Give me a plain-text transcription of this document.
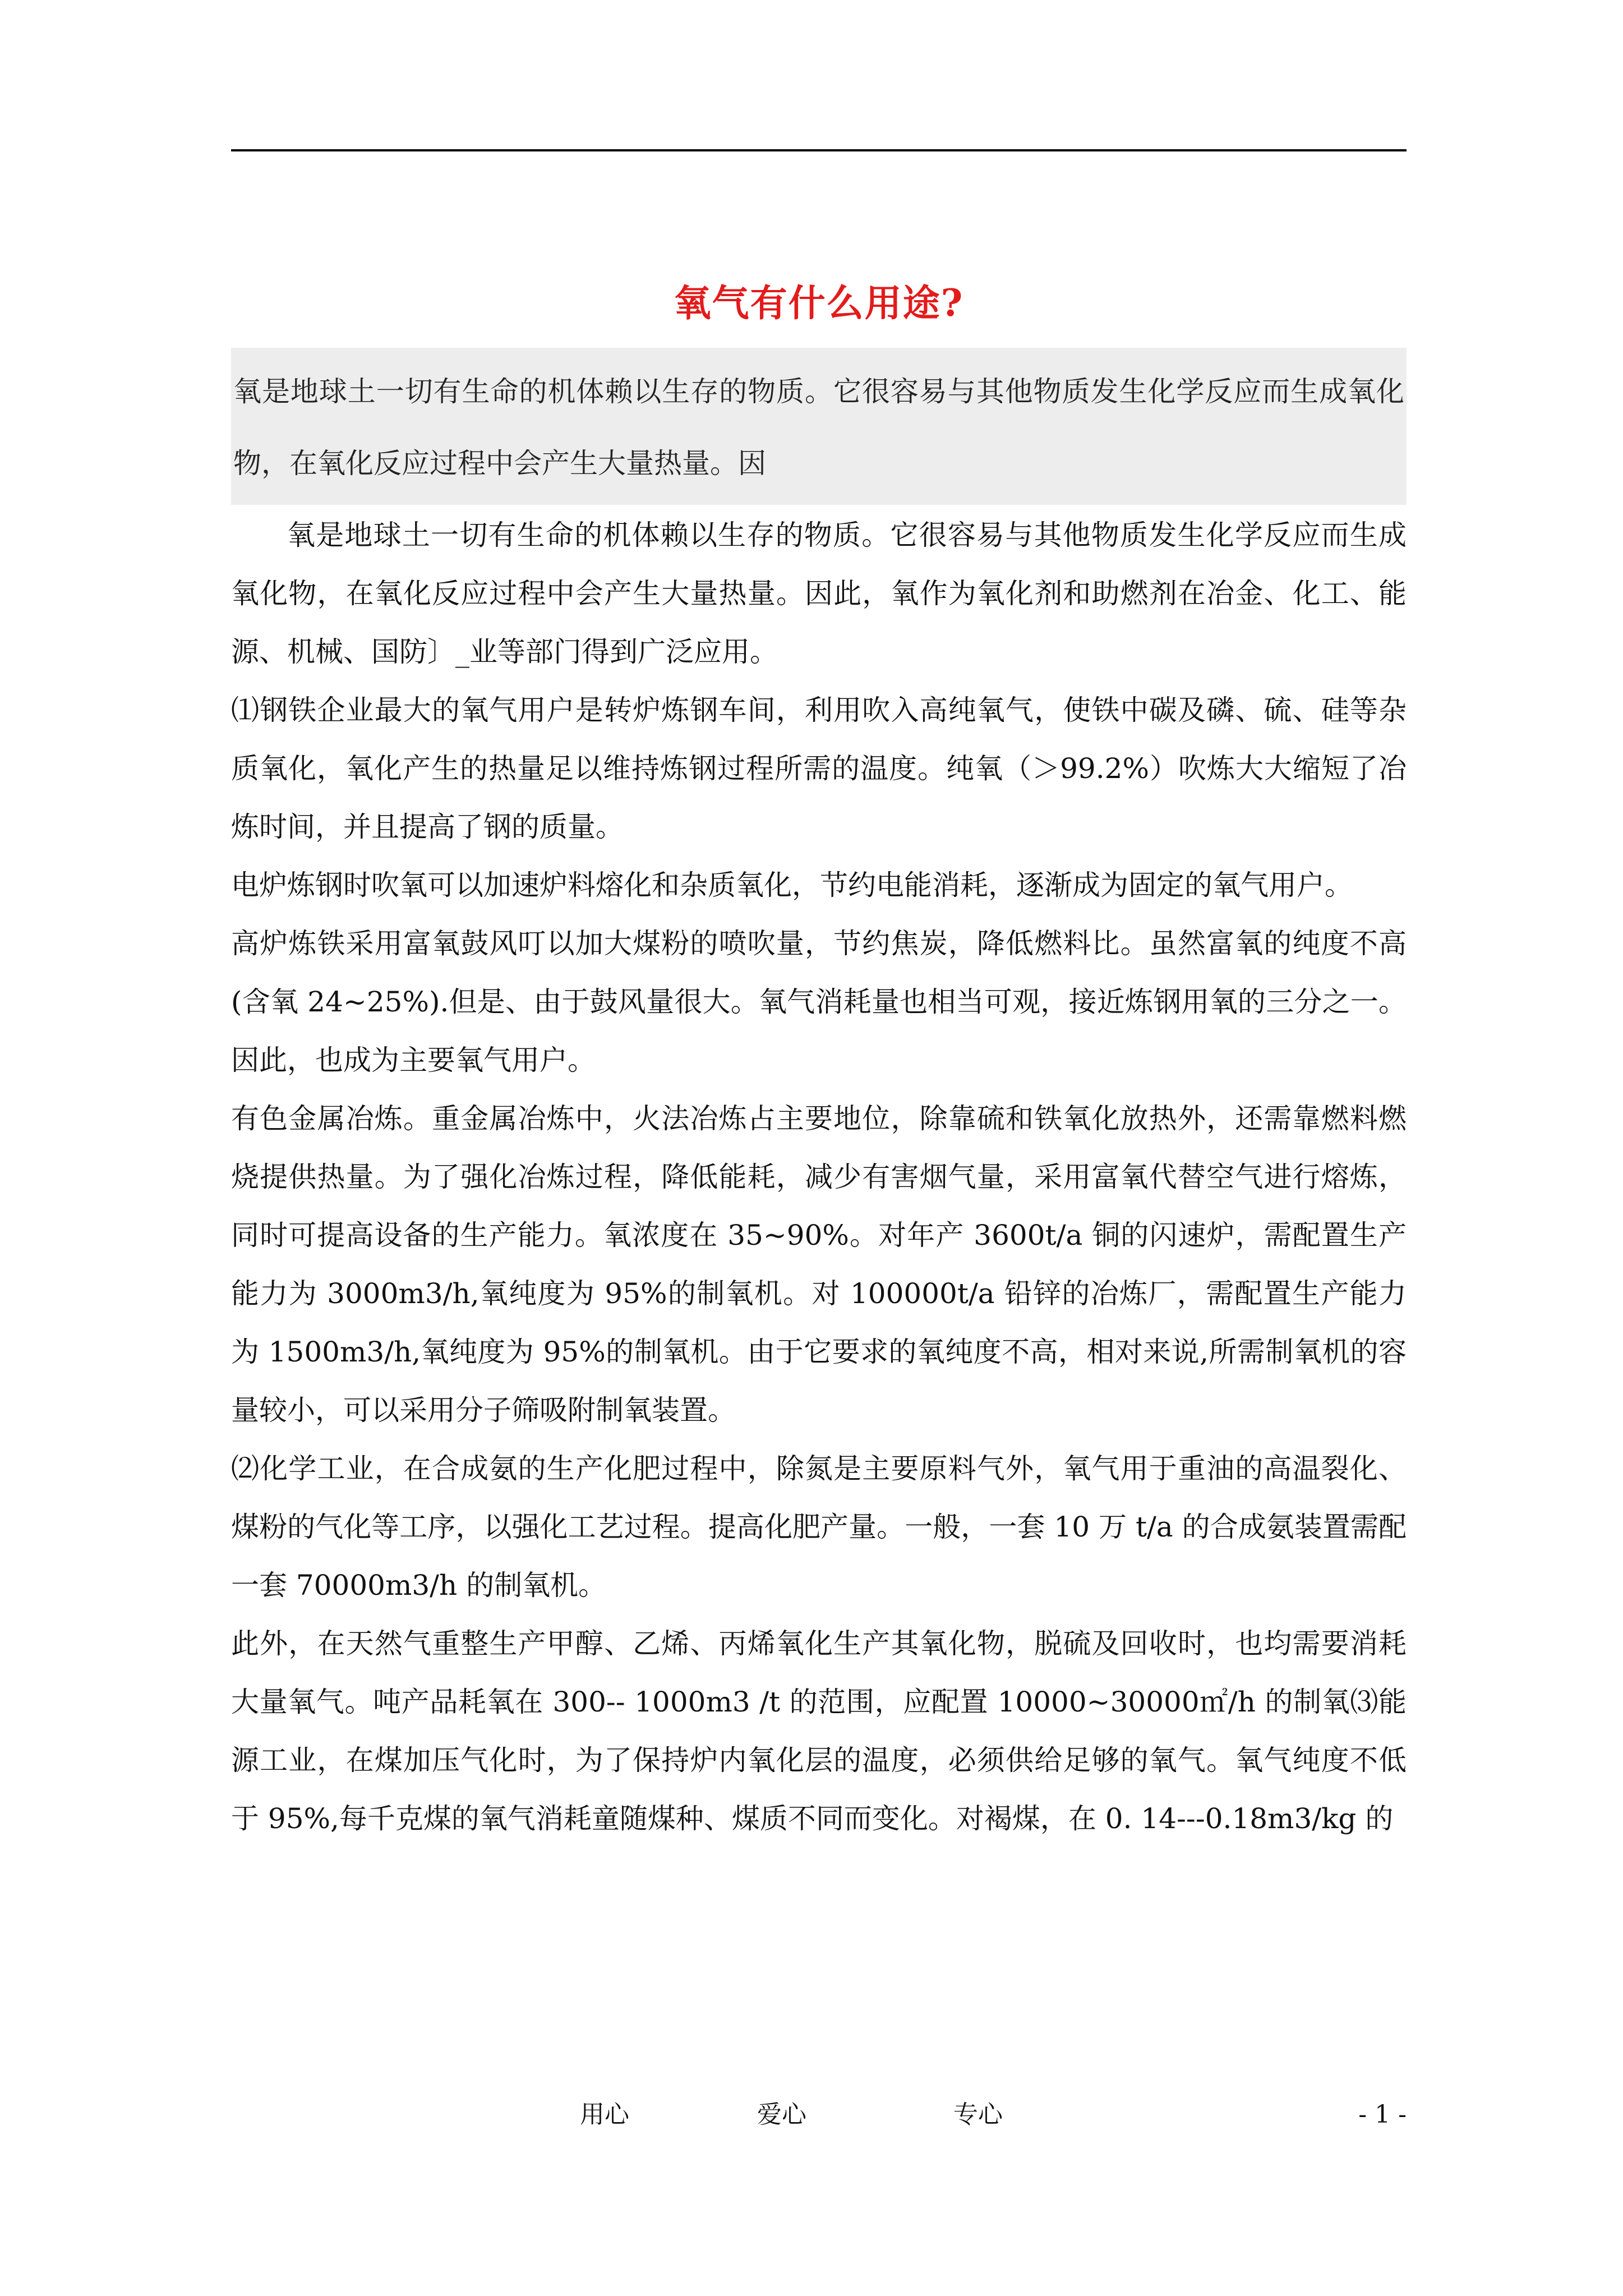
氧气有什么用途?
氧是地球土一切有生命的机体赖以生存的物质。它很容易与其他物质发生化学反应而生成氧化物，在氧化反应过程中会产生大量热量。因

氧是地球土一切有生命的机体赖以生存的物质。它很容易与其他物质发生化学反应而生成氧化物，在氧化反应过程中会产生大量热量。因此，氧作为氧化剂和助燃剂在冶金、化工、能源、机械、国防〕_业等部门得到广泛应用。

⑴钢铁企业最大的氧气用户是转炉炼钢车间，利用吹入高纯氧气，使铁中碳及磷、硫、硅等杂质氧化，氧化产生的热量足以维持炼钢过程所需的温度。纯氧（＞99.2%）吹炼大大缩短了冶炼时间，并且提高了钢的质量。

电炉炼钢时吹氧可以加速炉料熔化和杂质氧化，节约电能消耗，逐渐成为固定的氧气用户。

高炉炼铁采用富氧鼓风叮以加大煤粉的喷吹量，节约焦炭，降低燃料比。虽然富氧的纯度不高(含氧 24~25%).但是、由于鼓风量很大。氧气消耗量也相当可观，接近炼钢用氧的三分之一。因此，也成为主要氧气用户。

有色金属冶炼。重金属冶炼中，火法冶炼占主要地位，除靠硫和铁氧化放热外，还需靠燃料燃烧提供热量。为了强化冶炼过程，降低能耗，减少有害烟气量，采用富氧代替空气进行熔炼，同时可提高设备的生产能力。氧浓度在 35~90%。对年产 3600t/a 铜的闪速炉，需配置生产能力为 3000m3/h,氧纯度为 95%的制氧机。对 100000t/a 铅锌的冶炼厂，需配置生产能力为 1500m3/h,氧纯度为 95%的制氧机。由于它要求的氧纯度不高，相对来说,所需制氧机的容量较小，可以采用分子筛吸附制氧装置。

⑵化学工业，在合成氨的生产化肥过程中，除氮是主要原料气外，氧气用于重油的高温裂化、煤粉的气化等工序，以强化工艺过程。提高化肥产量。一般，一套 10 万 t/a 的合成氨装置需配一套 70000m3/h 的制氧机。

此外，在天然气重整生产甲醇、乙烯、丙烯氧化生产其氧化物，脱硫及回收时，也均需要消耗大量氧气。吨产品耗氧在 300-- 1000m3 /t 的范围，应配置 10000~30000㎡/h 的制氧⑶能源工业，在煤加压气化时，为了保持炉内氧化层的温度，必须供给足够的氧气。氧气纯度不低于 95%,每千克煤的氧气消耗童随煤种、煤质不同而变化。对褐煤，在 0. 14---0.18m3/kg 的

用心	爱心	专心	- 1 -
